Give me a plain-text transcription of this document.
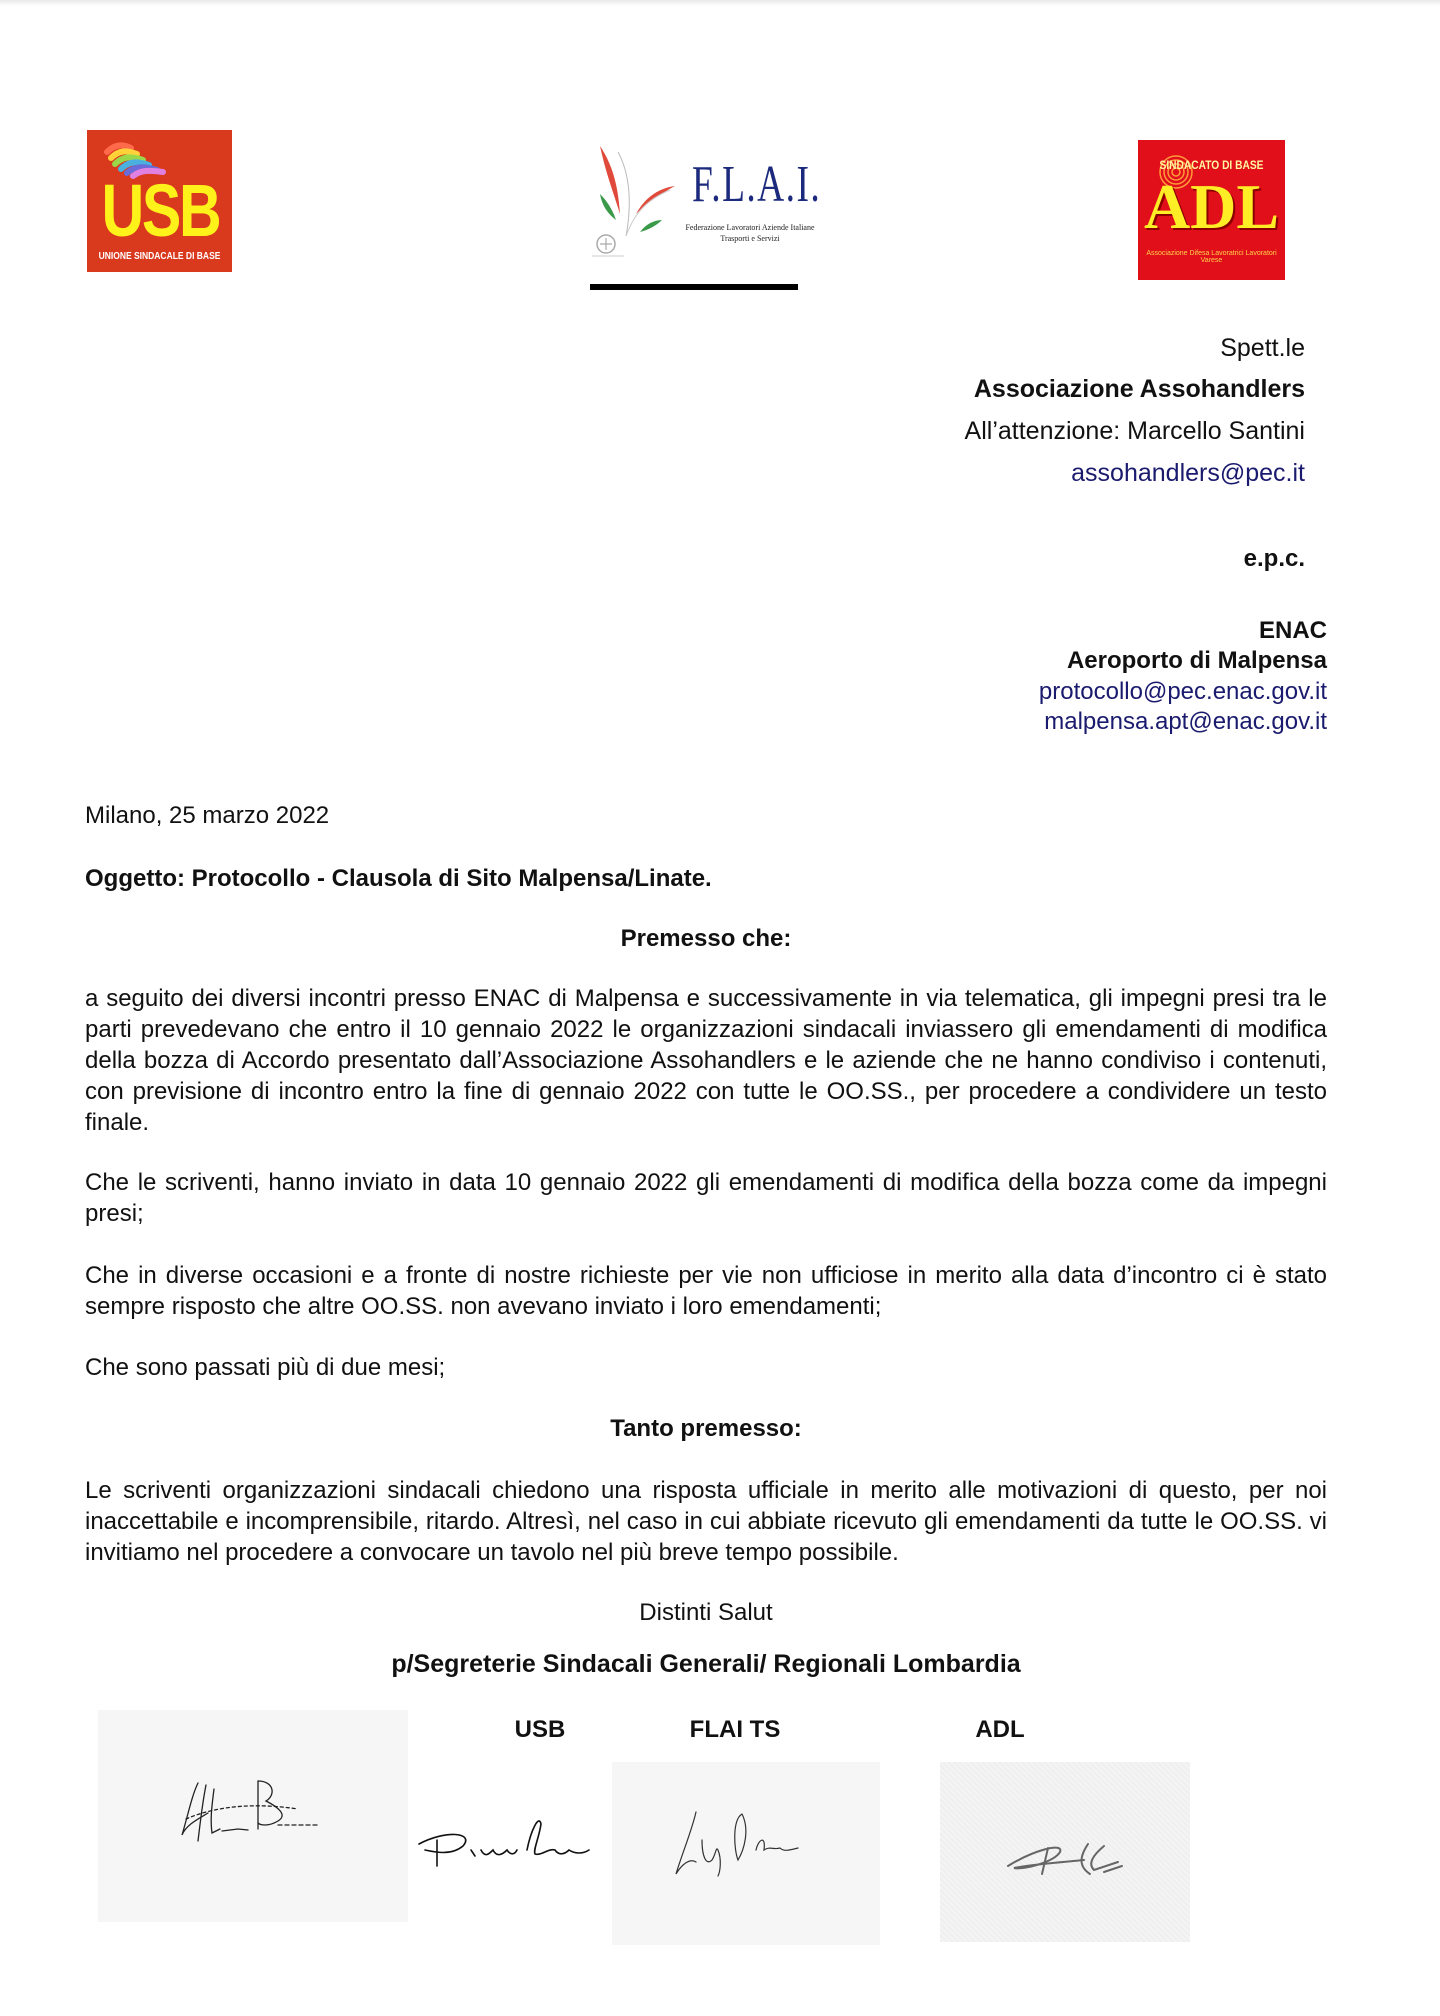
USB
UNIONE SINDACALE DI BASE
F.L.A.I.
Federazione Lavoratori Aziende Italiane
Trasporti e Servizi
SINDACATO DI BASE
ADL
Associazione Difesa Lavoratrici Lavoratori Varese
Spett.le
Associazione Assohandlers
All’attenzione: Marcello Santini
assohandlers@pec.it
e.p.c.
ENAC
Aeroporto di Malpensa
protocollo@pec.enac.gov.it
malpensa.apt@enac.gov.it
Milano, 25 marzo 2022
Oggetto: Protocollo - Clausola di Sito Malpensa/Linate.
Premesso che:
a seguito dei diversi incontri presso ENAC di Malpensa e successivamente in via telematica, gli impegni presi tra le parti prevedevano che entro il 10 gennaio 2022 le organizzazioni sindacali inviassero gli emendamenti di modifica della bozza di Accordo presentato dall’Associazione Assohandlers e le aziende che ne hanno condiviso i contenuti, con previsione di incontro entro la fine di gennaio 2022 con tutte le OO.SS., per procedere a condividere un testo finale.
Che le scriventi, hanno inviato in data 10 gennaio 2022 gli emendamenti di modifica della bozza come da impegni presi;
Che in diverse occasioni e a fronte di nostre richieste per vie non ufficiose in merito alla data d’incontro ci è stato sempre risposto che altre OO.SS. non avevano inviato i loro emendamenti;
Che sono passati più di due mesi;
Tanto premesso:
Le scriventi organizzazioni sindacali chiedono una risposta ufficiale in merito alle motivazioni di questo, per noi inaccettabile e incomprensibile, ritardo. Altresì, nel caso in cui abbiate ricevuto gli emendamenti da tutte le OO.SS. vi invitiamo nel procedere a convocare un tavolo nel più breve tempo possibile.
Distinti Salut
p/Segreterie Sindacali Generali/ Regionali Lombardia
USB	FLAI TS	ADL
